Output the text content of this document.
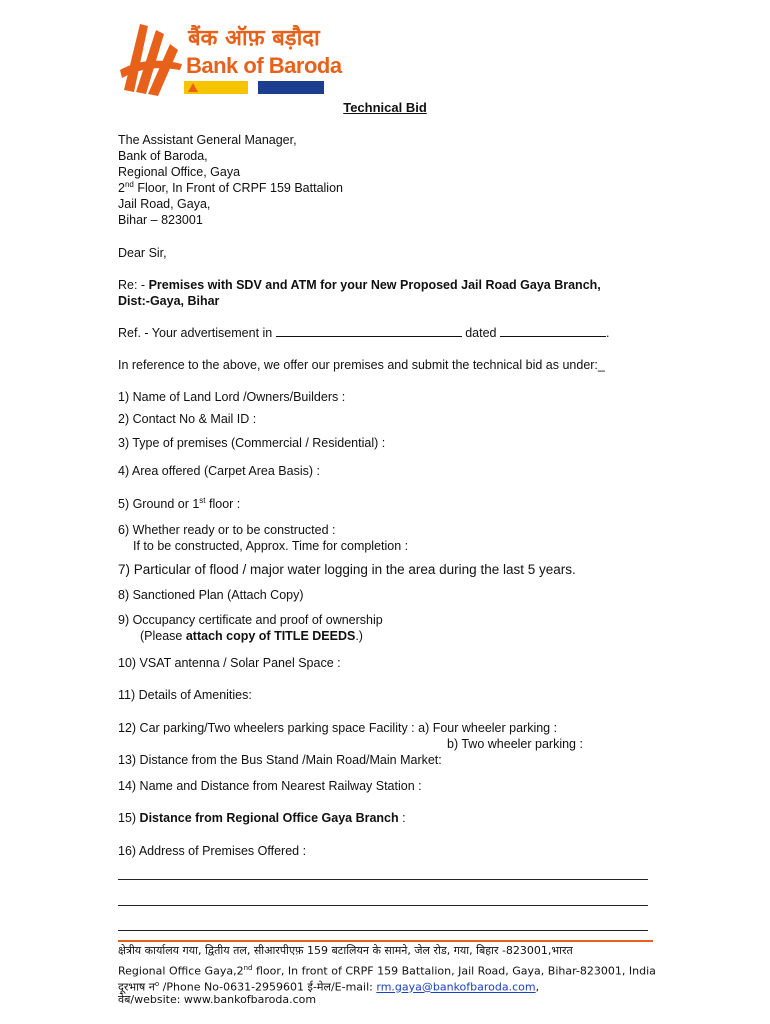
बैंक ऑफ़ बड़ौदा
Bank of Baroda
Technical Bid
The Assistant General Manager,
Bank of Baroda,
Regional Office, Gaya
2nd Floor, In Front of CRPF 159 Battalion
Jail Road, Gaya,
Bihar – 823001
Dear Sir,
Re: - Premises with SDV and ATM for your New Proposed Jail Road Gaya Branch,
Dist:-Gaya, Bihar
Ref. - Your advertisement in	dated	.
In reference to the above, we offer our premises and submit the technical bid as under:_
1) Name of Land Lord /Owners/Builders :
2) Contact No & Mail ID :
3) Type of premises (Commercial / Residential) :
4) Area offered (Carpet Area Basis) :
5) Ground or 1st floor :
6) Whether ready or to be constructed :
If to be constructed, Approx. Time for completion :
7) Particular of flood / major water logging in the area during the last 5 years.
8) Sanctioned Plan (Attach Copy)
9) Occupancy certificate and proof of ownership
(Please attach copy of TITLE DEEDS.)
10) VSAT antenna / Solar Panel Space :
11) Details of Amenities:
12) Car parking/Two wheelers parking space Facility : a) Four wheeler parking :
b) Two wheeler parking :
13) Distance from the Bus Stand /Main Road/Main Market:
14) Name and Distance from Nearest Railway Station :
15) Distance from Regional Office Gaya Branch :
16) Address of Premises Offered :
क्षेत्रीय कार्यालय गया, द्वितीय तल, सीआरपीएफ़ 159 बटालियन के सामने, जेल रोड, गया, बिहार -823001,भारत
Regional Office Gaya,2nd floor, In front of CRPF 159 Battalion, Jail Road, Gaya, Bihar-823001, India
दूरभाष न$^o$ /Phone No-0631-2959601 ई-मेल/E-mail: rm.gaya@bankofbaroda.com,
वेब/website: www.bankofbaroda.com
